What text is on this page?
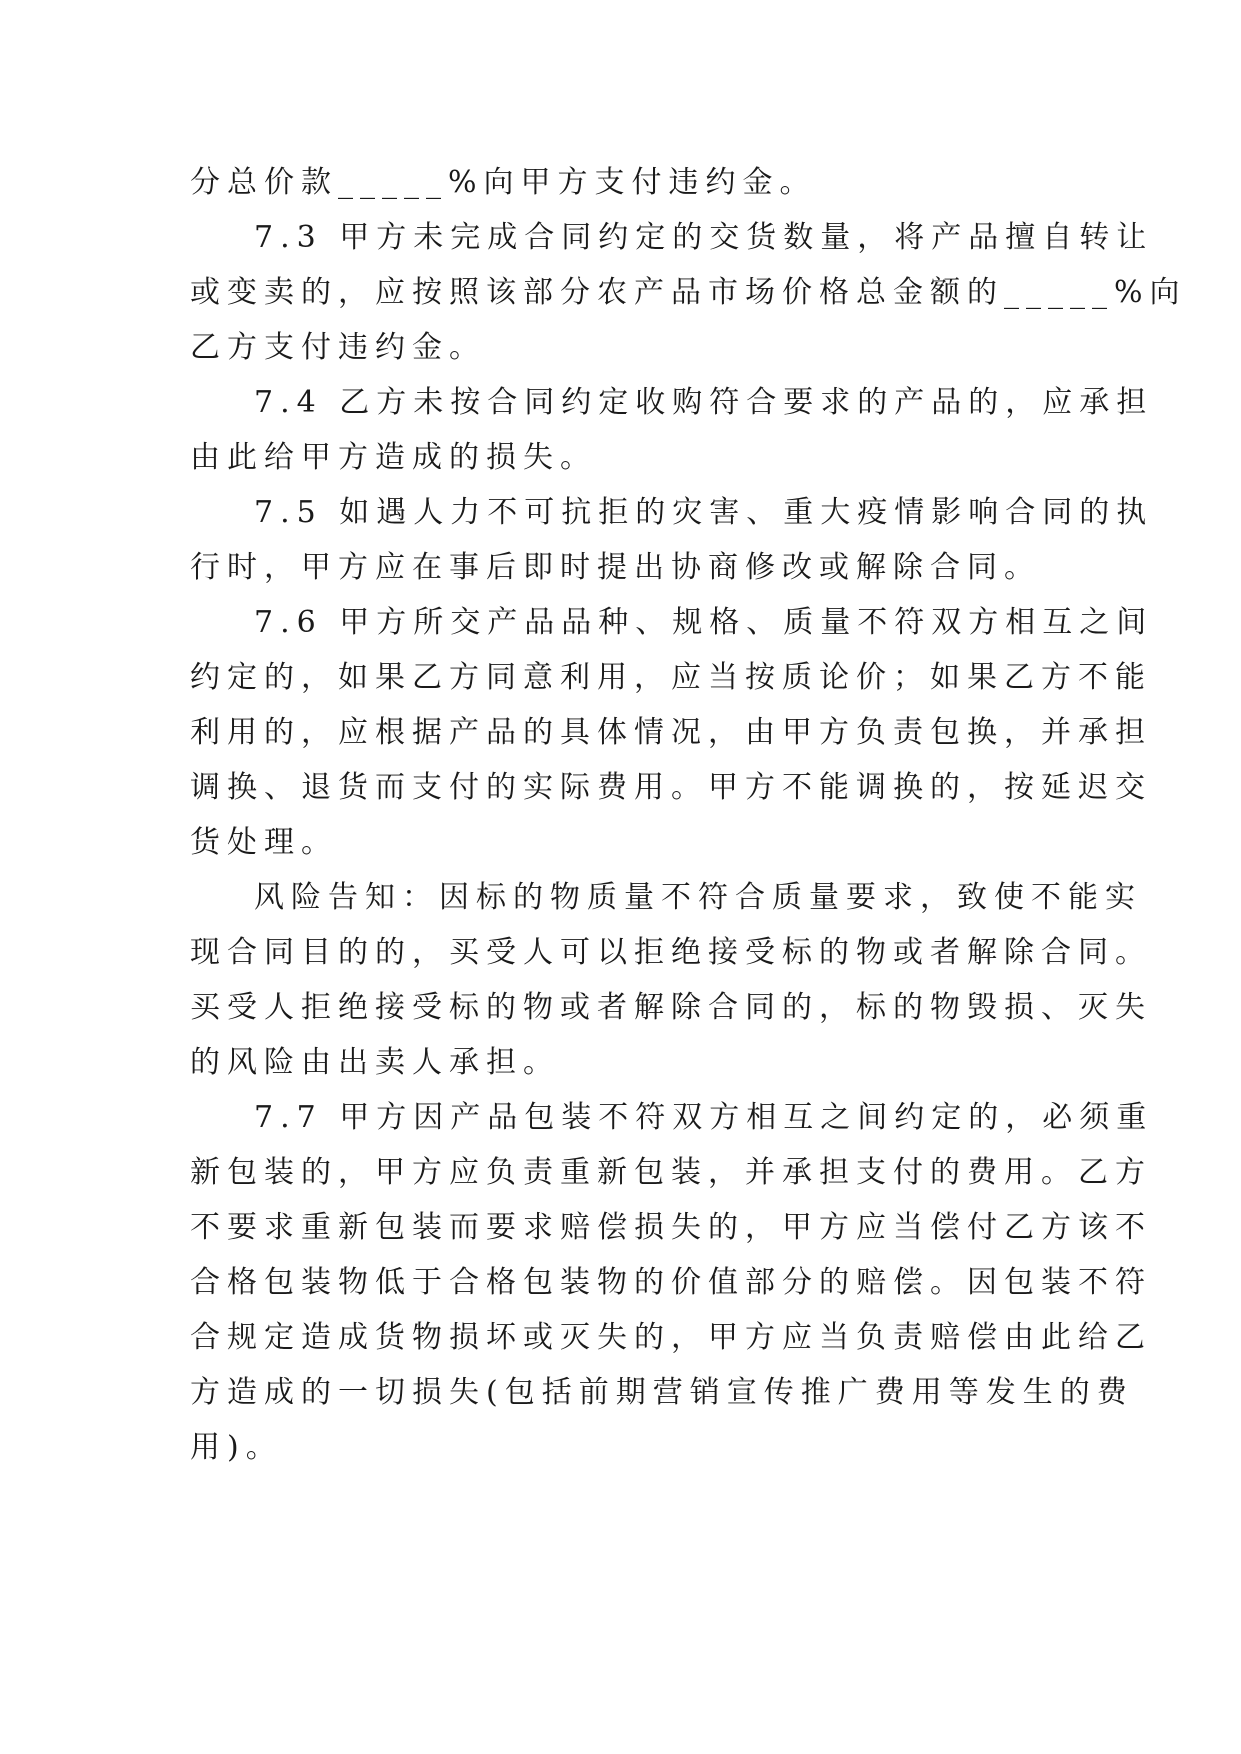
分总价款_____%向甲方支付违约金。
7.3 甲方未完成合同约定的交货数量，将产品擅自转让
或变卖的，应按照该部分农产品市场价格总金额的_____%向
乙方支付违约金。
7.4 乙方未按合同约定收购符合要求的产品的，应承担
由此给甲方造成的损失。
7.5 如遇人力不可抗拒的灾害、重大疫情影响合同的执
行时，甲方应在事后即时提出协商修改或解除合同。
7.6 甲方所交产品品种、规格、质量不符双方相互之间
约定的，如果乙方同意利用，应当按质论价；如果乙方不能
利用的，应根据产品的具体情况，由甲方负责包换，并承担
调换、退货而支付的实际费用。甲方不能调换的，按延迟交
货处理。
风险告知：因标的物质量不符合质量要求，致使不能实
现合同目的的，买受人可以拒绝接受标的物或者解除合同。
买受人拒绝接受标的物或者解除合同的，标的物毁损、灭失
的风险由出卖人承担。
7.7 甲方因产品包装不符双方相互之间约定的，必须重
新包装的，甲方应负责重新包装，并承担支付的费用。乙方
不要求重新包装而要求赔偿损失的，甲方应当偿付乙方该不
合格包装物低于合格包装物的价值部分的赔偿。因包装不符
合规定造成货物损坏或灭失的，甲方应当负责赔偿由此给乙
方造成的一切损失(包括前期营销宣传推广费用等发生的费
用)。
